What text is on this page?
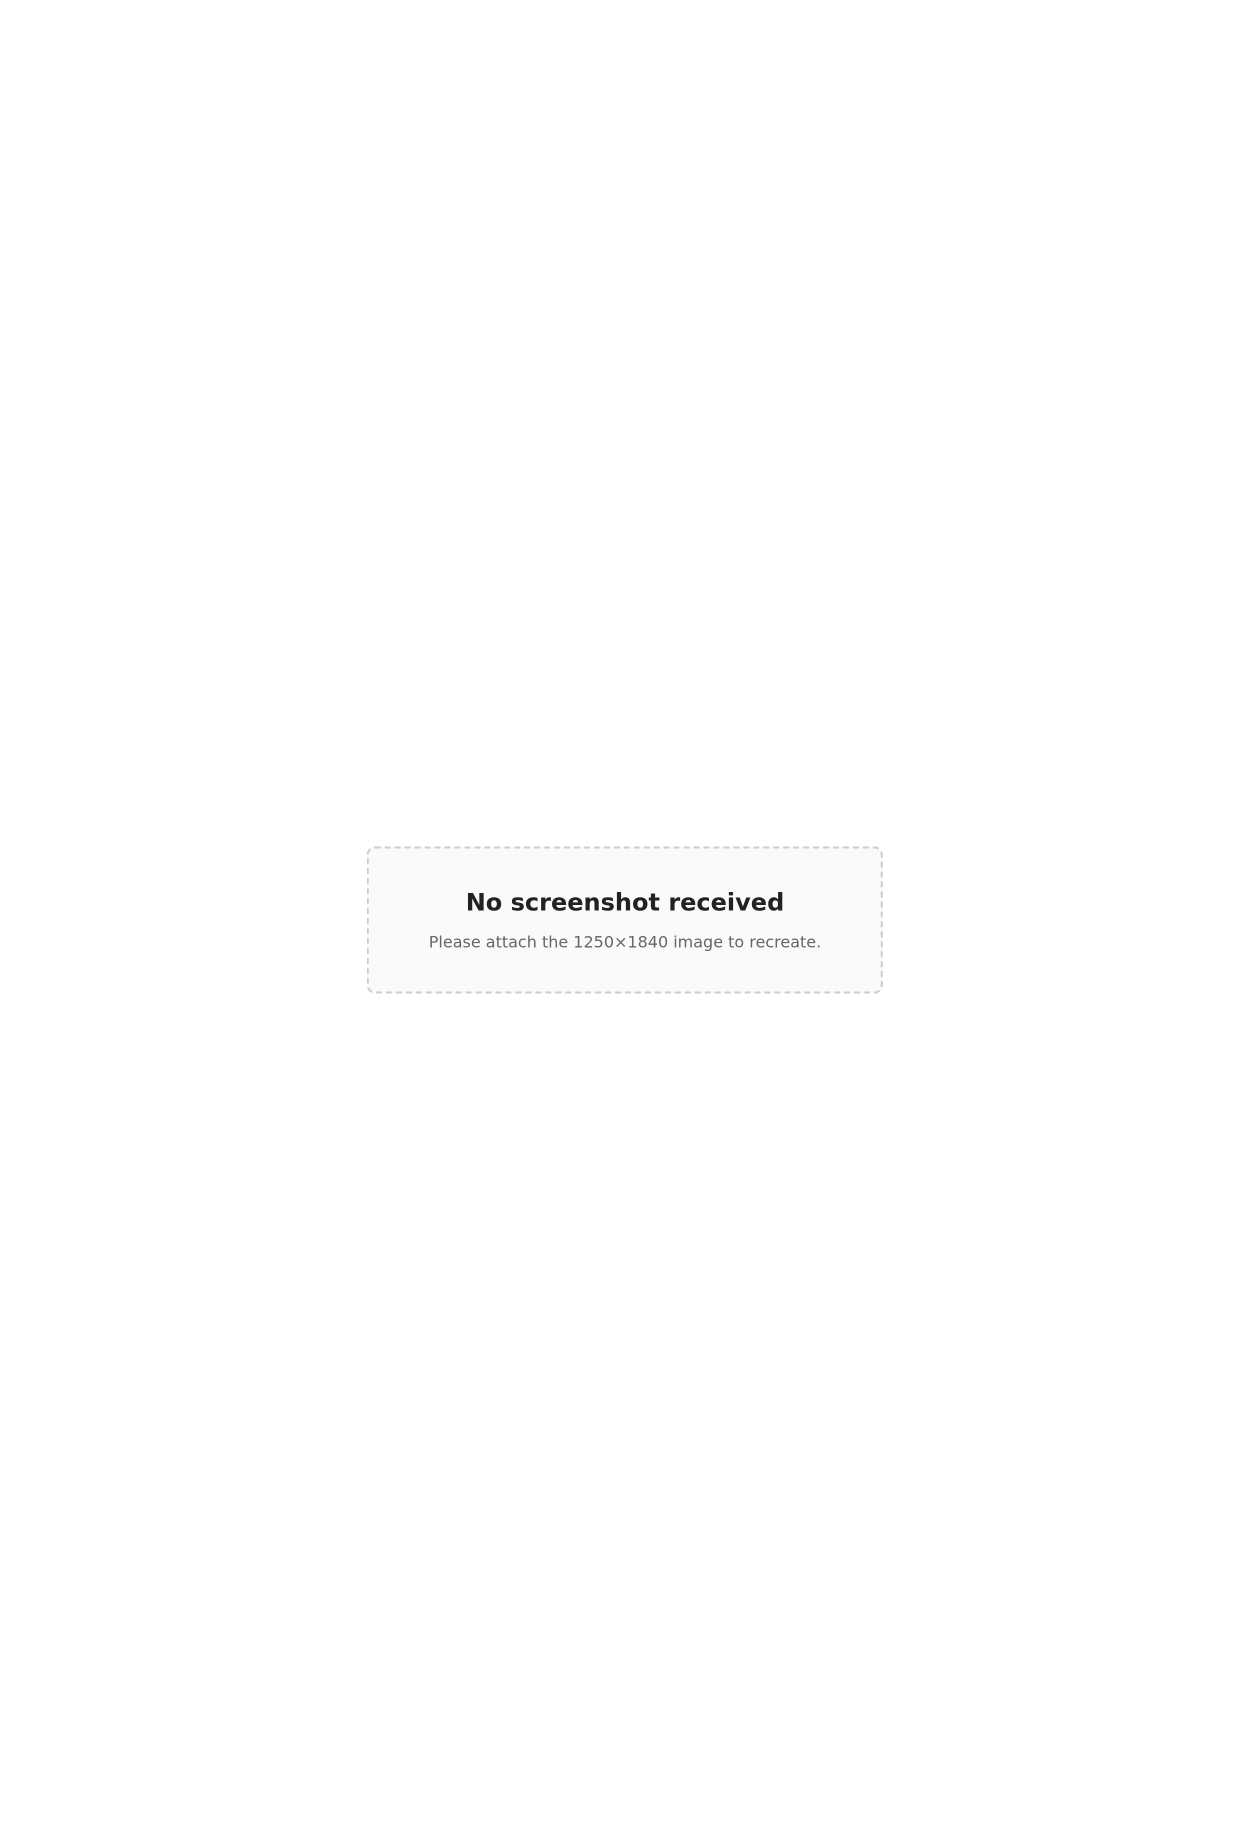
No screenshot received

Please attach the 1250×1840 image to recreate.
